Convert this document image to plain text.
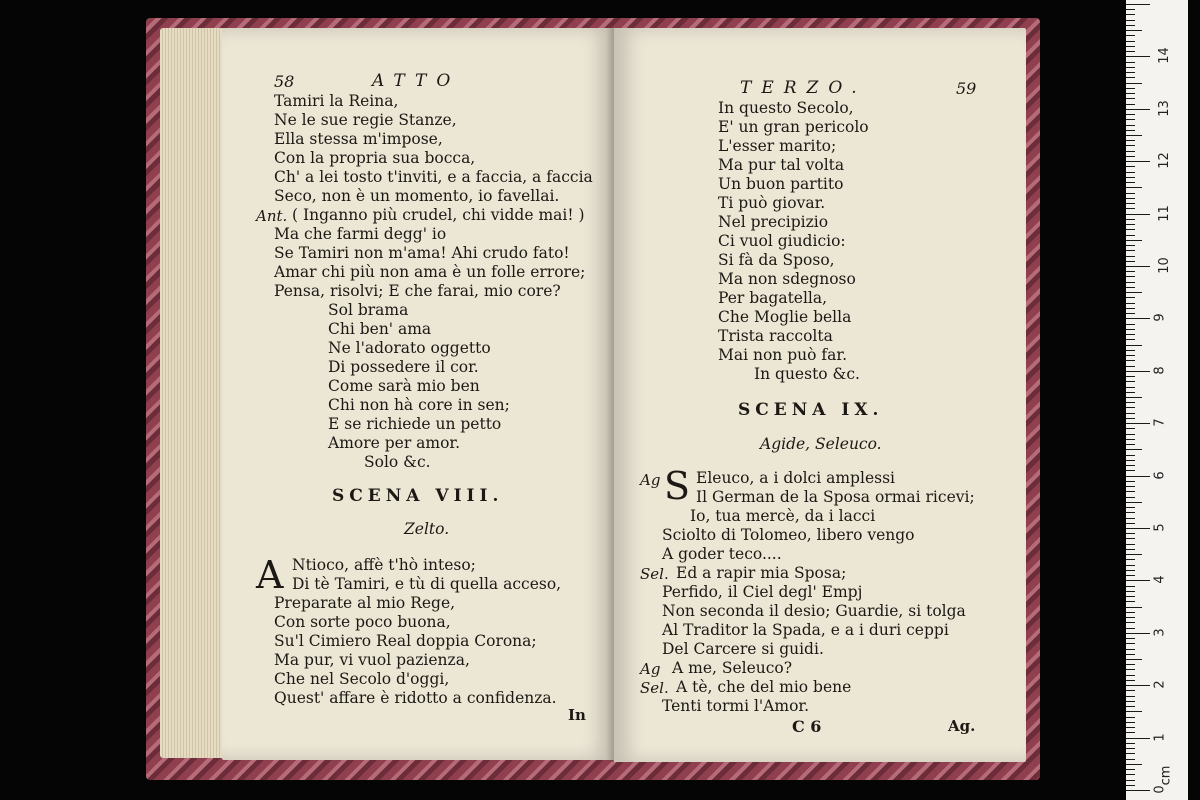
58	ATTO
Tamiri la Reina,
Ne le sue regie Stanze,
Ella stessa m'impose,
Con la propria sua bocca,
Ch' a lei tosto t'inviti, e a faccia, a faccia
Seco, non è un momento, io favellai.
Ant. ( Inganno più crudel, chi vidde mai! )
Ma che farmi degg' io
Se Tamiri non m'ama! Ahi crudo fato!
Amar chi più non ama è un folle errore;
Pensa, risolvi; E che farai, mio core?
Sol brama
Chi ben' ama
Ne l'adorato oggetto
Di possedere il cor.
Come sarà mio ben
Chi non hà core in sen;
E se richiede un petto
Amore per amor.
Solo &c.
SCENA VIII.
Zelto.
A Ntioco, affè t'hò inteso;
Di tè Tamiri, e tù di quella acceso,
Preparate al mio Rege,
Con sorte poco buona,
Su'l Cimiero Real doppia Corona;
Ma pur, vi vuol pazienza,
Che nel Secolo d'oggi,
Quest' affare è ridotto a confidenza.
In
TERZO.	59
In questo Secolo,
E' un gran pericolo
L'esser marito;
Ma pur tal volta
Un buon partito
Ti può giovar.
Nel precipizio
Ci vuol giudicio:
Si fà da Sposo,
Ma non sdegnoso
Per bagatella,
Che Moglie bella
Trista raccolta
Mai non può far.
In questo &c.
SCENA IX.
Agide, Seleuco.
Ag S Eleuco, a i dolci amplessi
Il German de la Sposa ormai ricevi;
Io, tua mercè, da i lacci
Sciolto di Tolomeo, libero vengo
A goder teco....
Sel. Ed a rapir mia Sposa;
Perfido, il Ciel degl' Empj
Non seconda il desio; Guardie, si tolga
Al Traditor la Spada, e a i duri ceppi
Del Carcere si guidi.
Ag A me, Seleuco?
Sel. A tè, che del mio bene
Tenti tormi l'Amor.
C 6	Ag.
0
1
2
3
4
5
6
7
8
9
10
11
12
13
14
cm
